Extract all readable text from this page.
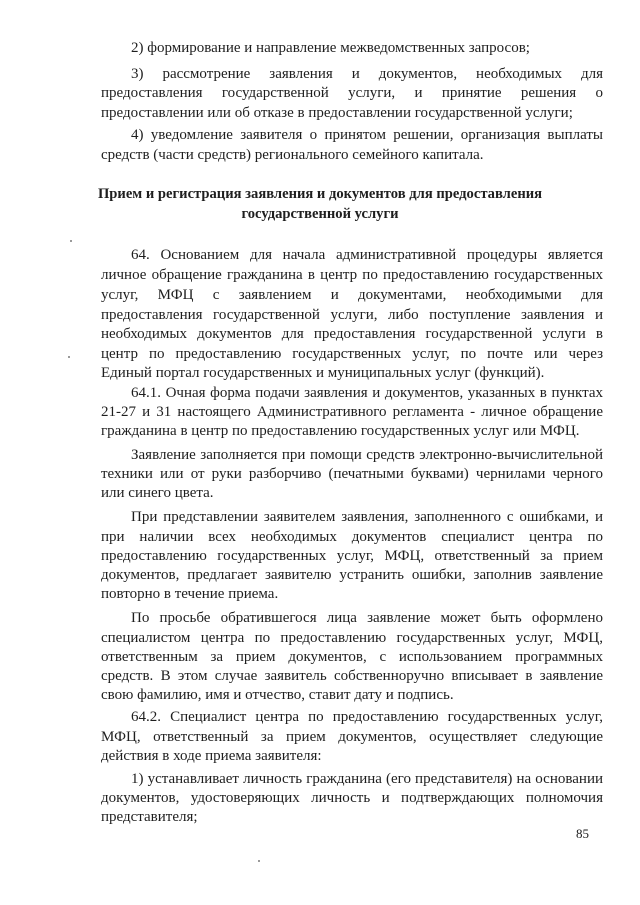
2) формирование и направление межведомственных запросов;
3) рассмотрение заявления и документов, необходимых для
предоставления государственной услуги, и принятие решения о
предоставлении или об отказе в предоставлении государственной услуги;
4) уведомление заявителя о принятом решении, организация выплаты
средств (части средств) регионального семейного капитала.
Прием и регистрация заявления и документов для предоставления
государственной услуги
64. Основанием для начала административной процедуры является
личное обращение гражданина в центр по предоставлению государственных
услуг, МФЦ с заявлением и документами, необходимыми для
предоставления государственной услуги, либо поступление заявления и
необходимых документов для предоставления государственной услуги в
центр по предоставлению государственных услуг, по почте или через
Единый портал государственных и муниципальных услуг (функций).
64.1. Очная форма подачи заявления и документов, указанных в пунктах
21-27 и 31 настоящего Административного регламента - личное обращение
гражданина в центр по предоставлению государственных услуг или МФЦ.
Заявление заполняется при помощи средств электронно-вычислительной
техники или от руки разборчиво (печатными буквами) чернилами черного
или синего цвета.
При представлении заявителем заявления, заполненного с ошибками, и
при наличии всех необходимых документов специалист центра по
предоставлению государственных услуг, МФЦ, ответственный за прием
документов, предлагает заявителю устранить ошибки, заполнив заявление
повторно в течение приема.
По просьбе обратившегося лица заявление может быть оформлено
специалистом центра по предоставлению государственных услуг, МФЦ,
ответственным за прием документов, с использованием программных
средств. В этом случае заявитель собственноручно вписывает в заявление
свою фамилию, имя и отчество, ставит дату и подпись.
64.2. Специалист центра по предоставлению государственных услуг,
МФЦ, ответственный за прием документов, осуществляет следующие
действия в ходе приема заявителя:
1) устанавливает личность гражданина (его представителя) на основании
документов, удостоверяющих личность и подтверждающих полномочия
представителя;
85
